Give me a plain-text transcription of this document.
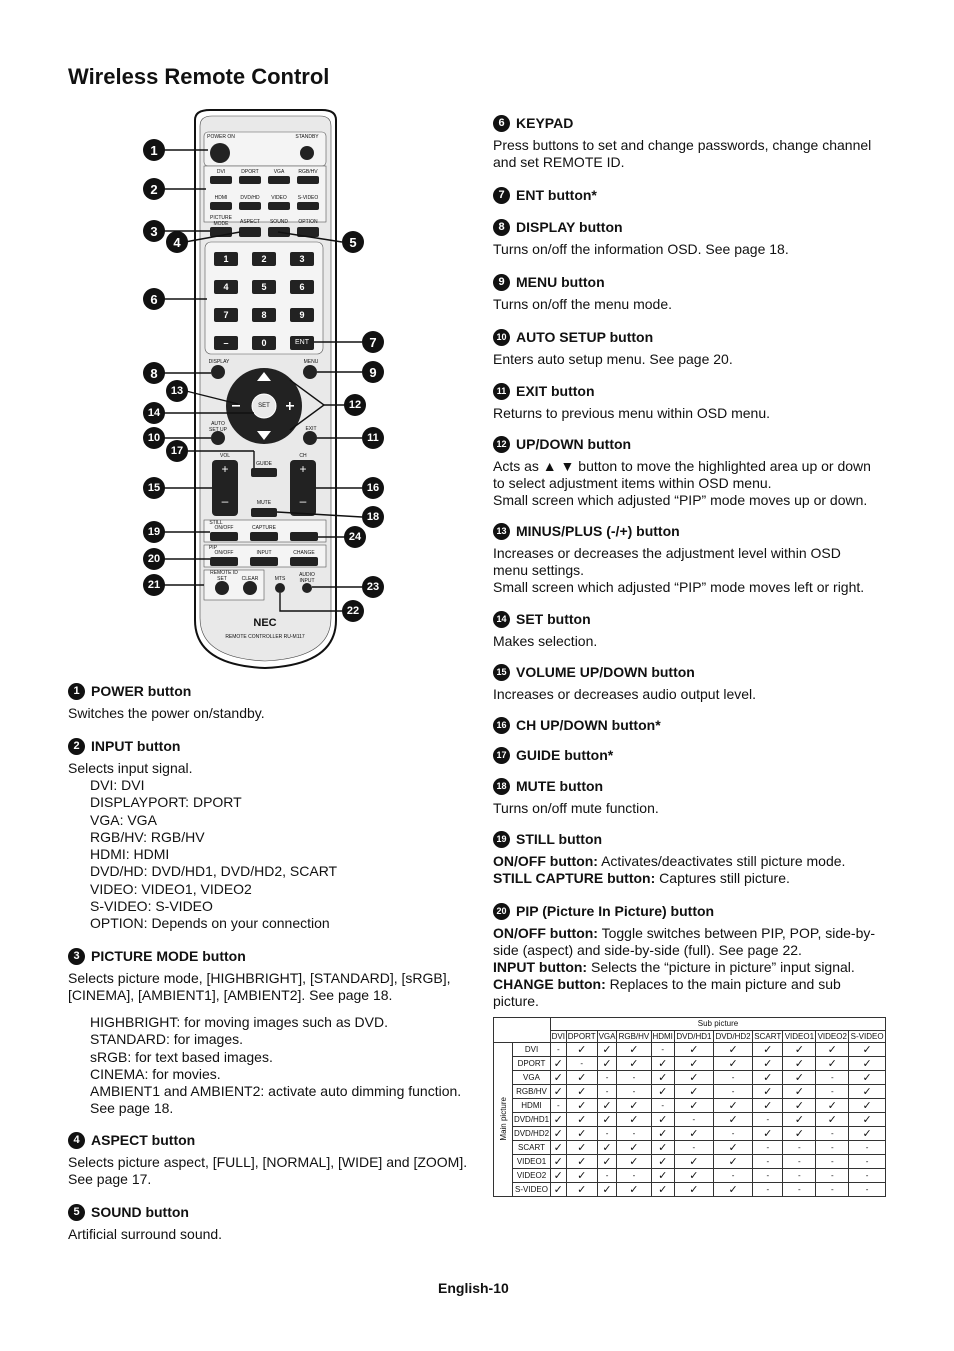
Wireless Remote Control
POWER ON	STANDBY
DVI	DPORT	VGA	RGB/HV
HDMI	DVD/HD	VIDEO	S-VIDEO
PICTURE MODE	ASPECT	SOUND	OPTION
1	2	3
4	5	6
7	8	9
–	0	ENT
DISPLAY	MENU
SET
AUTO SET UP	EXIT
VOL
GUIDE
CH
+
–
+
–
MUTE
STILL
ON/OFF	CAPTURE
PIP
ON/OFF	INPUT	CHANGE
REMOTE ID
SET	CLEAR	MTS
AUDIO INPUT
NEC
REMOTE CONTROLLER RU-M117
1
2
3
4	5
6
7
8	9
10	11
12
13
14
15	16
17
18
19
20
21
22
23
24
1 POWER button
Switches the power on/standby.
2 INPUT button
Selects input signal.
DVI: DVI
DISPLAYPORT: DPORT
VGA: VGA
RGB/HV: RGB/HV
HDMI: HDMI
DVD/HD: DVD/HD1, DVD/HD2, SCART
VIDEO: VIDEO1, VIDEO2
S-VIDEO: S-VIDEO
OPTION: Depends on your connection
3 PICTURE MODE button
Selects picture mode, [HIGHBRIGHT], [STANDARD], [sRGB], [CINEMA], [AMBIENT1], [AMBIENT2]. See page 18.
HIGHBRIGHT: for moving images such as DVD.
STANDARD: for images.
sRGB: for text based images.
CINEMA: for movies.
AMBIENT1 and AMBIENT2: activate auto dimming function. See page 18.
4 ASPECT button
Selects picture aspect, [FULL], [NORMAL], [WIDE] and [ZOOM]. See page 17.
5 SOUND button
Artificial surround sound.
6 KEYPAD
Press buttons to set and change passwords, change channel and set REMOTE ID.
7 ENT button*
8 DISPLAY button
Turns on/off the information OSD. See page 18.
9 MENU button
Turns on/off the menu mode.
10 AUTO SETUP button
Enters auto setup menu. See page 20.
11 EXIT button
Returns to previous menu within OSD menu.
12 UP/DOWN button
Acts as ▲ ▼ button to move the highlighted area up or down to select adjustment items within OSD menu.
Small screen which adjusted “PIP” mode moves up or down.
13 MINUS/PLUS (-/+) button
Increases or decreases the adjustment level within OSD menu settings.
Small screen which adjusted “PIP” mode moves left or right.
14 SET button
Makes selection.
15 VOLUME UP/DOWN button
Increases or decreases audio output level.
16 CH UP/DOWN button*
17 GUIDE button*
18 MUTE button
Turns on/off mute function.
19 STILL button
ON/OFF button: Activates/deactivates still picture mode.
STILL CAPTURE button: Captures still picture.
20 PIP (Picture In Picture) button
ON/OFF button: Toggle switches between PIP, POP, side-by-side (aspect) and side-by-side (full). See page 22.
INPUT button: Selects the “picture in picture” input signal.
CHANGE button: Replaces to the main picture and sub picture.
		Sub picture										
		DVI	DPORT	VGA	RGB/HV	HDMI	DVD/HD1	DVD/HD2	SCART	VIDEO1	VIDEO2	S-VIDEO
Main picture	DVI	-	✓	✓	✓	-	✓	✓	✓	✓	✓	✓
	DPORT	✓	-	✓	✓	✓	✓	✓	✓	✓	✓	✓
	VGA	✓	✓	-	-	✓	✓	-	✓	✓	-	✓
	RGB/HV	✓	✓	-	-	✓	✓	-	✓	✓	-	✓
	HDMI	-	✓	✓	✓	-	✓	✓	✓	✓	✓	✓
	DVD/HD1	✓	✓	✓	✓	✓	-	✓	-	✓	✓	✓
	DVD/HD2	✓	✓	-	-	✓	✓	-	✓	✓	-	✓
	SCART	✓	✓	✓	✓	✓	-	✓	-	-	-	-
	VIDEO1	✓	✓	✓	✓	✓	✓	✓	-	-	-	-
	VIDEO2	✓	✓	-	-	✓	✓	-	-	-	-	-
	S-VIDEO	✓	✓	✓	✓	✓	✓	✓	-	-	-	-
English-10
